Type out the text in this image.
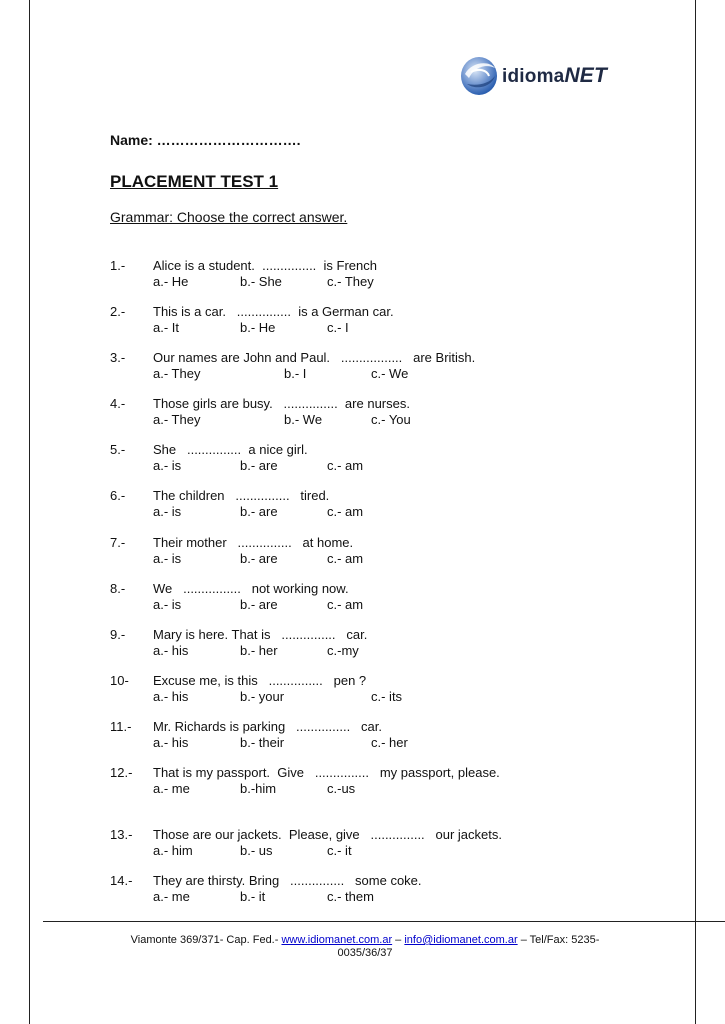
idiomaNET
Name: ………………………….
PLACEMENT TEST 1
Grammar: Choose the correct answer.
1.- Alice is a student.  ...............  is French
a.- He	b.- She	c.- They
2.- This is a car.   ...............  is a German car.
a.- It	b.- He	c.- I
3.- Our names are John and Paul.   .................   are British.
a.- They	b.- I	c.- We
4.- Those girls are busy.   ...............  are nurses.
a.- They	b.- We	c.- You
5.- She   ...............  a nice girl.
a.- is	b.- are	c.- am
6.- The children   ...............   tired.
a.- is	b.- are	c.- am
7.- Their mother   ...............   at home.
a.- is	b.- are	c.- am
8.- We   ................   not working now.
a.- is	b.- are	c.- am
9.- Mary is here. That is   ...............   car.
a.- his	b.- her	c.-my
10- Excuse me, is this   ...............   pen ?
a.- his	b.- your	c.- its
11.- Mr. Richards is parking   ...............   car.
a.- his	b.- their	c.- her
12.- That is my passport.  Give   ...............   my passport, please.
a.- me	b.-him	c.-us
13.- Those are our jackets.  Please, give   ...............   our jackets.
a.- him	b.- us	c.- it
14.- They are thirsty. Bring   ...............   some coke.
a.- me	b.- it	c.- them
Viamonte 369/371- Cap. Fed.- www.idiomanet.com.ar – info@idiomanet.com.ar – Tel/Fax: 5235-
0035/36/37
